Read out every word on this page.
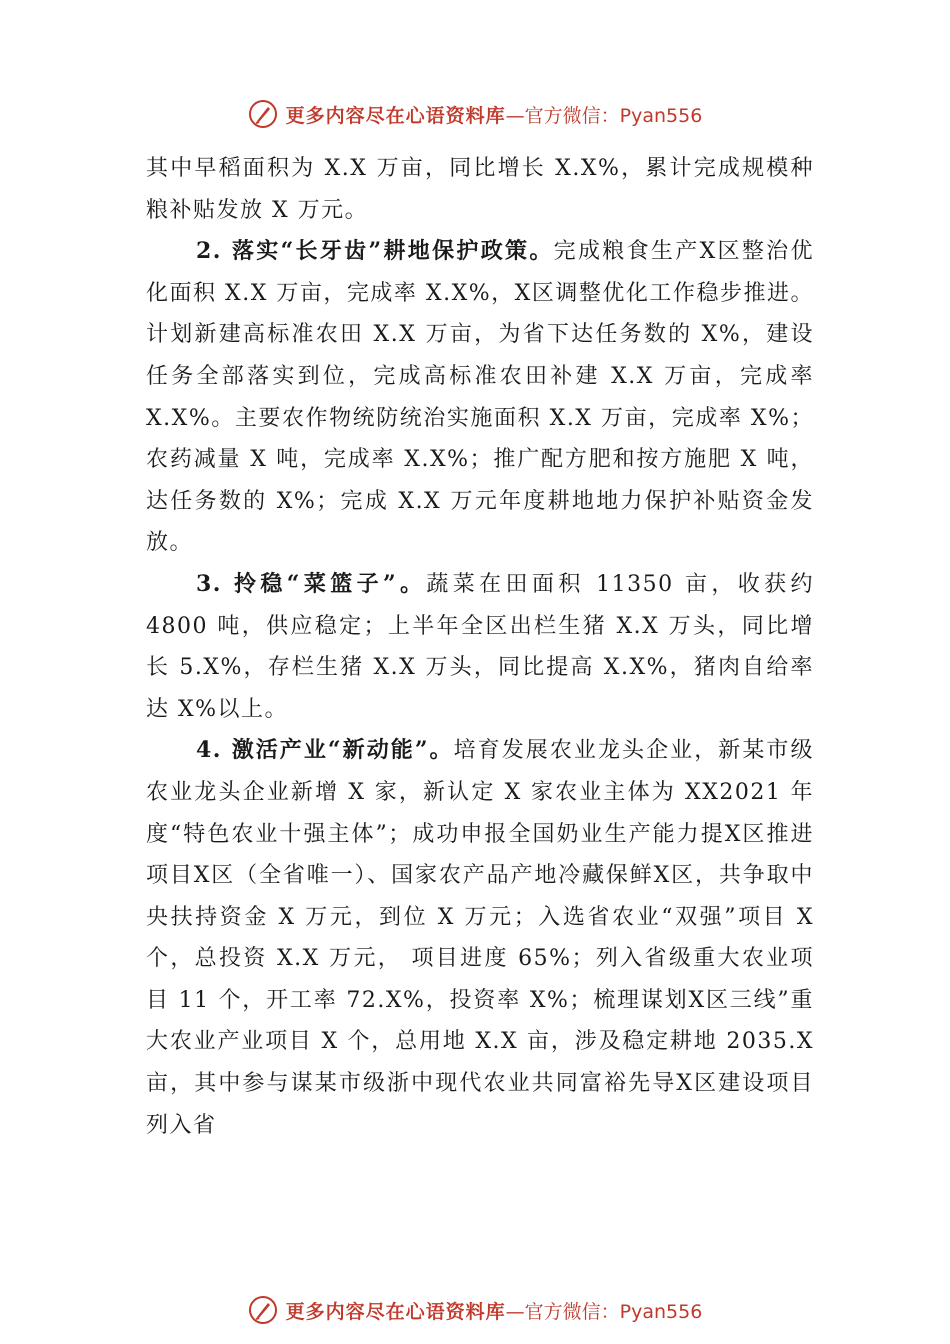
更多内容尽在心语资料库 —官方微信：Pyan556

其中早稻面积为 X.X 万亩，同比增长 X.X%，累计完成规模种粮补贴发放 X 万元。

2. 落实“长牙齿”耕地保护政策。完成粮食生产X区整治优化面积 X.X 万亩，完成率 X.X%，X区调整优化工作稳步推进。计划新建高标准农田 X.X 万亩，为省下达任务数的 X%，建设任务全部落实到位，完成高标准农田补建 X.X 万亩，完成率 X.X%。主要农作物统防统治实施面积 X.X 万亩，完成率 X%；农药减量 X 吨，完成率 X.X%；推广配方肥和按方施肥 X 吨，达任务数的 X%；完成 X.X 万元年度耕地地力保护补贴资金发放。

3. 拎稳“菜篮子”。蔬菜在田面积 11350 亩，收获约 4800 吨，供应稳定；上半年全区出栏生猪 X.X 万头，同比增长 5.X%，存栏生猪 X.X 万头，同比提高 X.X%，猪肉自给率达 X%以上。

4. 激活产业“新动能”。培育发展农业龙头企业，新某市级农业龙头企业新增 X 家，新认定 X 家农业主体为 XX2021 年度“特色农业十强主体”；成功申报全国奶业生产能力提X区推进项目X区（全省唯一）、国家农产品产地冷藏保鲜X区，共争取中央扶持资金 X 万元，到位 X 万元；入选省农业“双强”项目 X 个，总投资 X.X 万元， 项目进度 65%；列入省级重大农业项目 11 个，开工率 72.X%，投资率 X%；梳理谋划X区三线”重大农业产业项目 X 个，总用地 X.X 亩，涉及稳定耕地 2035.X 亩，其中参与谋某市级浙中现代农业共同富裕先导X区建设项目列入省

更多内容尽在心语资料库 —官方微信：Pyan556
